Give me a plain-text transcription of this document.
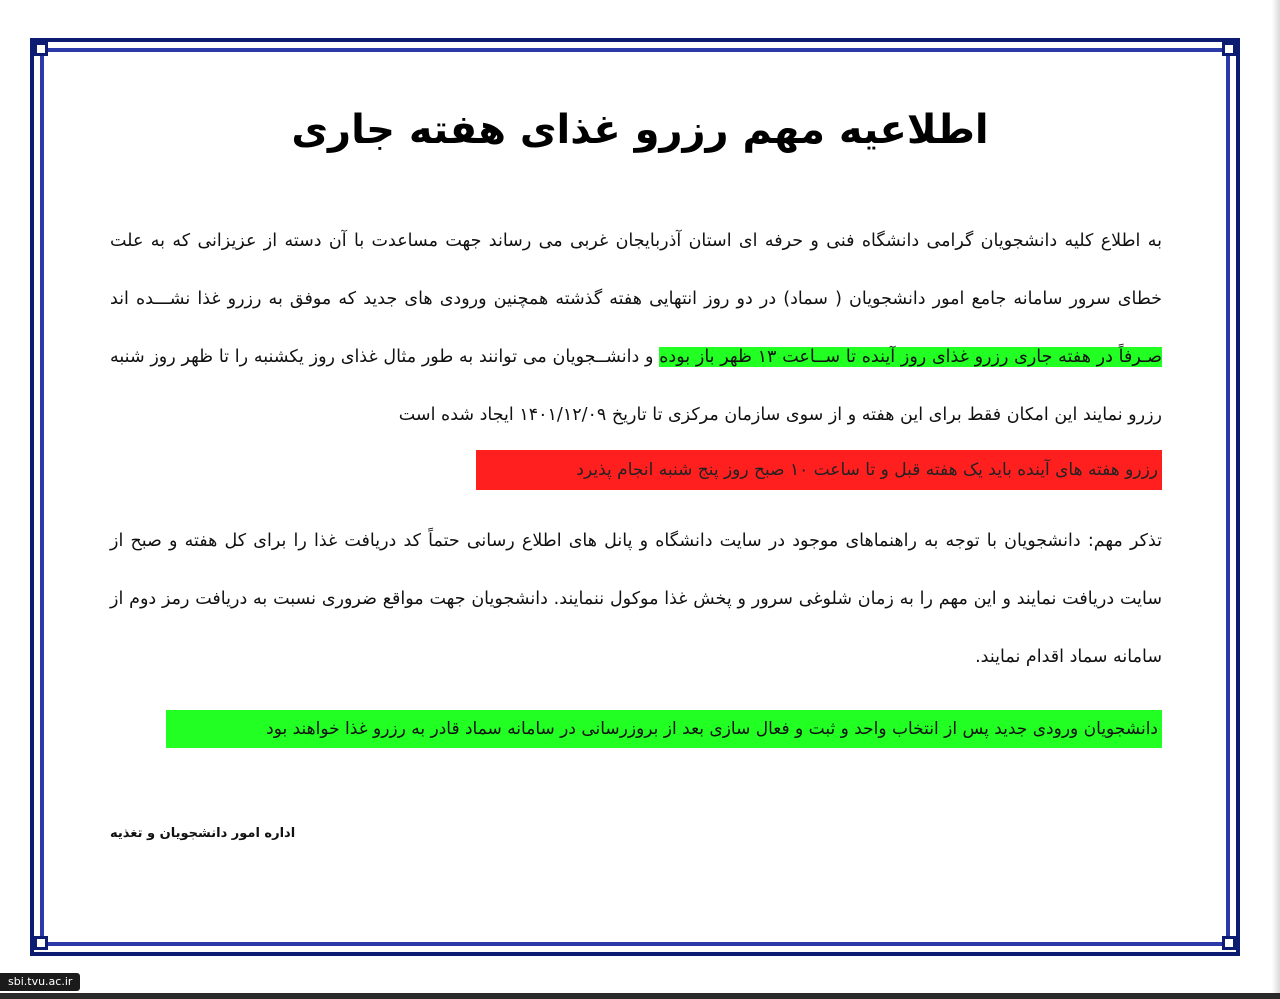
اطلاعیه مهم رزرو غذای هفته جاری

به اطلاع کلیه دانشجویان گرامی دانشگاه فنی و حرفه ای استان آذربایجان غربی می رساند جهت مساعدت با آن دسته از عزیزانی که به علت خطای سرور سامانه جامع امور دانشجویان ( سماد) در دو روز انتهایی هفته گذشته همچنین ورودی های جدید که موفق به رزرو غذا نشـــده اند صـرفاً در هفته جاری رزرو غذای روز آینده تا ســاعت ۱۳ ظهر باز بوده و دانشــجویان می توانند به طور مثال غذای روز یکشنبه را تا ظهر روز شنبه رزرو نمایند این امکان فقط برای این هفته و از سوی سازمان مرکزی تا تاریخ ۱۴۰۱/۱۲/۰۹ ایجاد شده است

رزرو هفته های آینده باید یک هفته قبل و تا ساعت ۱۰ صبح روز پنج شنبه انجام پذیرد

تذکر مهم: دانشجویان با توجه به راهنماهای موجود در سایت دانشگاه و پانل های اطلاع رسانی حتماً کد دریافت غذا را برای کل هفته و صبح از سایت دریافت نمایند و این مهم را به زمان شلوغی سرور و پخش غذا موکول ننمایند. دانشجویان جهت مواقع ضروری نسبت به دریافت رمز دوم از سامانه سماد اقدام نمایند.

دانشجویان ورودی جدید پس از انتخاب واحد و ثبت و فعال سازی بعد از بروزرسانی در سامانه سماد قادر به رزرو غذا خواهند بود

اداره امور دانشجویان و تغذیه

sbi.tvu.ac.ir
